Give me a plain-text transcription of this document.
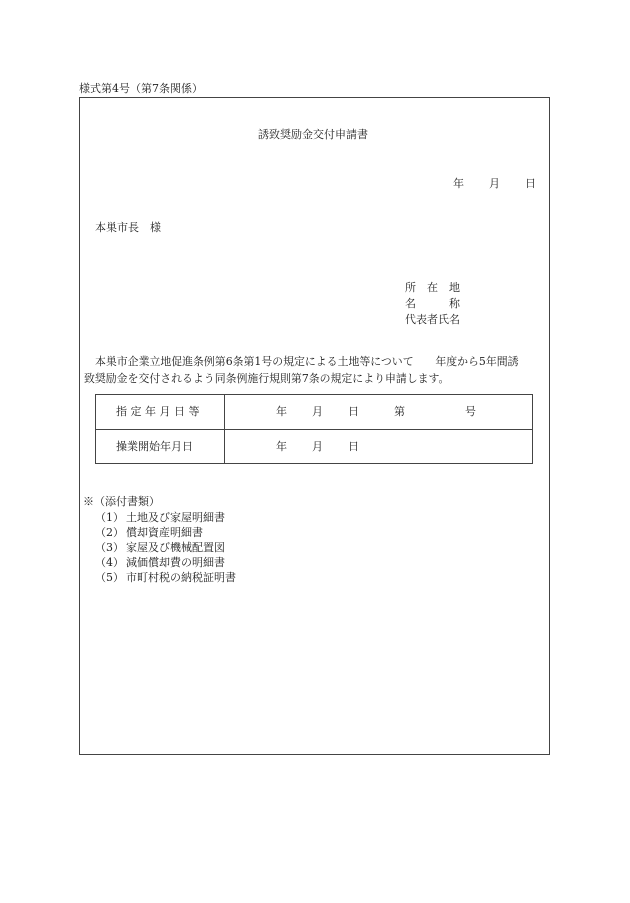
様式第4号（第7条関係）
誘致奨励金交付申請書
年 月 日
本巣市長　様
所　在　地
名　　　称
代表者氏名
本巣市企業立地促進条例第6条第1号の規定による土地等について　　年度から5年間誘
致奨励金を交付されるよう同条例施行規則第7条の規定により申請します。
指 定 年 月 日 等	年 月 日	第	号
操業開始年月日	年 月 日
※（添付書類）
（1） 土地及び家屋明細書
（2） 償却資産明細書
（3） 家屋及び機械配置図
（4） 減価償却費の明細書
（5） 市町村税の納税証明書
